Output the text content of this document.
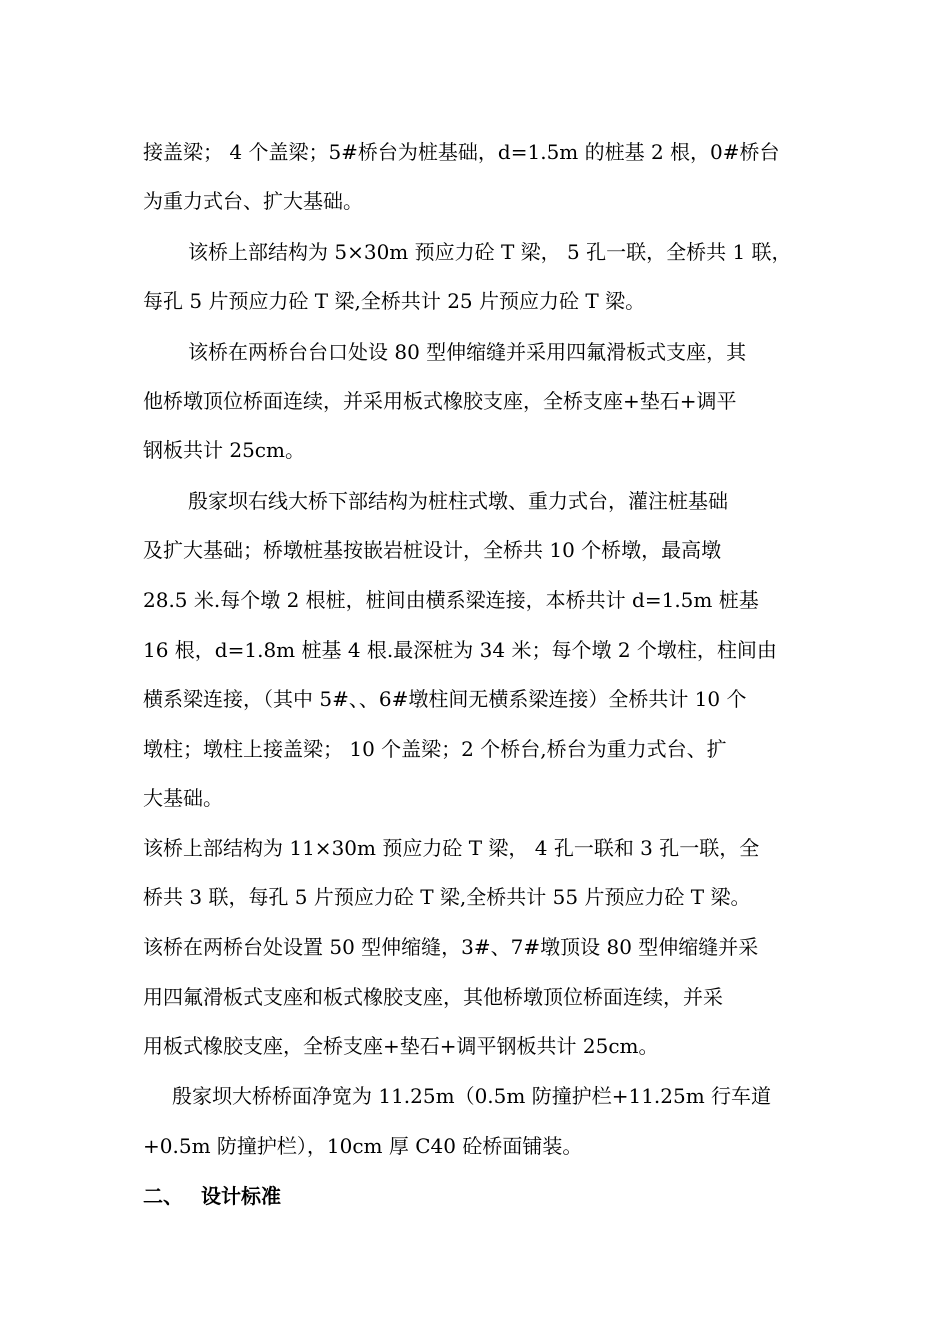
接盖梁； 4 个盖梁；5#桥台为桩基础，d=1.5m 的桩基 2 根，0#桥台
为重力式台、扩大基础。
该桥上部结构为 5×30m 预应力砼 T 梁， 5 孔一联，全桥共 1 联，
每孔 5 片预应力砼 T 梁,全桥共计 25 片预应力砼 T 梁。
该桥在两桥台台口处设 80 型伸缩缝并采用四氟滑板式支座，其
他桥墩顶位桥面连续，并采用板式橡胶支座，全桥支座+垫石+调平
钢板共计 25cm。
殷家坝右线大桥下部结构为桩柱式墩、重力式台，灌注桩基础
及扩大基础；桥墩桩基按嵌岩桩设计，全桥共 10 个桥墩，最高墩
28.5 米.每个墩 2 根桩，桩间由横系梁连接，本桥共计 d=1.5m 桩基
16 根，d=1.8m 桩基 4 根.最深桩为 34 米；每个墩 2 个墩柱，柱间由
横系梁连接，（其中 5#、、6#墩柱间无横系梁连接）全桥共计 10 个
墩柱；墩柱上接盖梁； 10 个盖梁；2 个桥台,桥台为重力式台、扩
大基础。
该桥上部结构为 11×30m 预应力砼 T 梁， 4 孔一联和 3 孔一联，全
桥共 3 联，每孔 5 片预应力砼 T 梁,全桥共计 55 片预应力砼 T 梁。
该桥在两桥台处设置 50 型伸缩缝，3#、7#墩顶设 80 型伸缩缝并采
用四氟滑板式支座和板式橡胶支座，其他桥墩顶位桥面连续，并采
用板式橡胶支座，全桥支座+垫石+调平钢板共计 25cm。
殷家坝大桥桥面净宽为 11.25m（0.5m 防撞护栏+11.25m 行车道
+0.5m 防撞护栏），10cm 厚 C40 砼桥面铺装。
二、 设计标准
